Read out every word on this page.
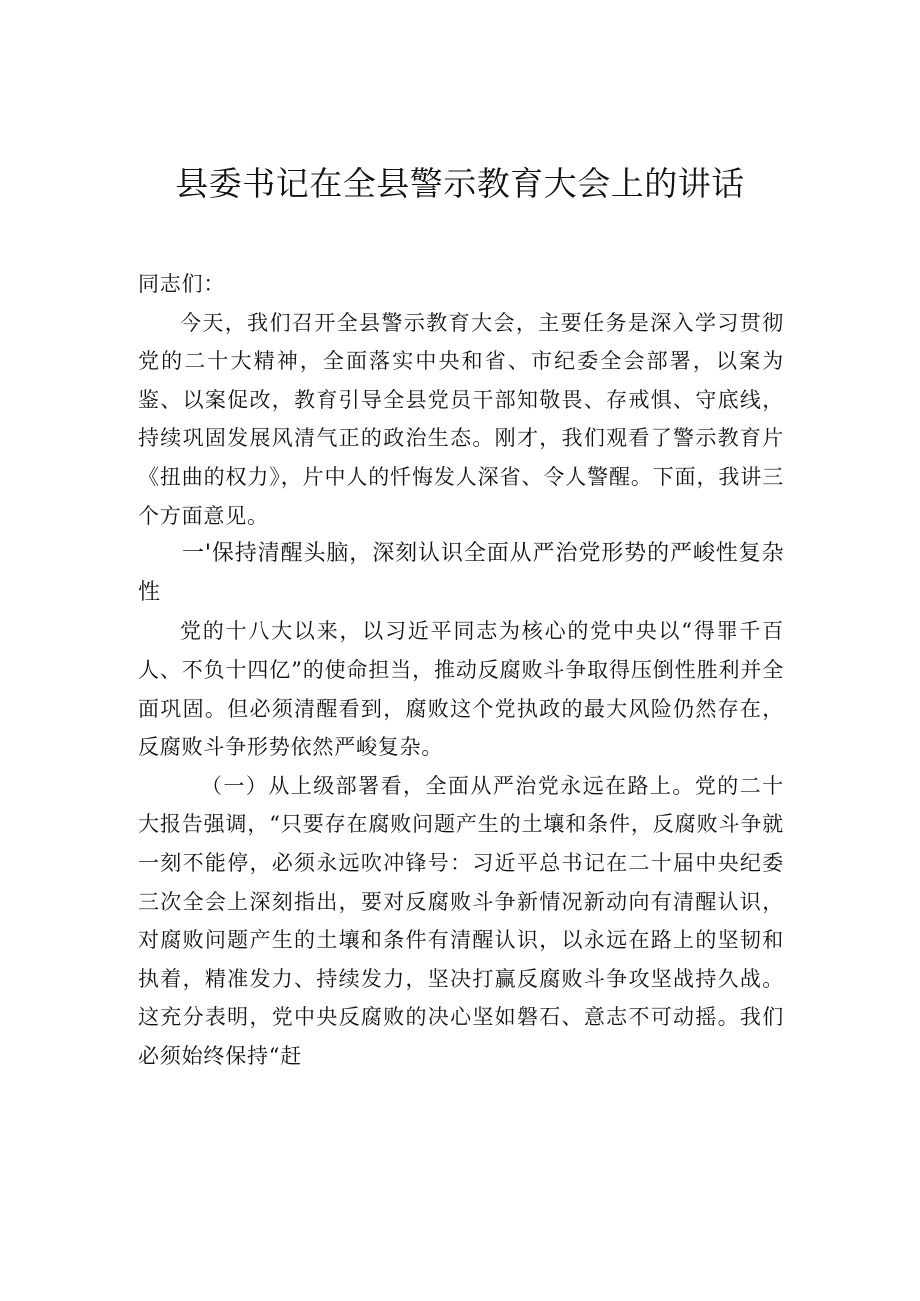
县委书记在全县警示教育大会上的讲话

同志们：

今天，我们召开全县警示教育大会，主要任务是深入学习贯彻党的二十大精神，全面落实中央和省、市纪委全会部署，以案为鉴、以案促改，教育引导全县党员干部知敬畏、存戒惧、守底线，持续巩固发展风清气正的政治生态。刚才，我们观看了警示教育片《扭曲的权力》，片中人的忏悔发人深省、令人警醒。下面，我讲三个方面意见。

一'保持清醒头脑，深刻认识全面从严治党形势的严峻性复杂性

党的十八大以来，以习近平同志为核心的党中央以“得罪千百人、不负十四亿”的使命担当，推动反腐败斗争取得压倒性胜利并全面巩固。但必须清醒看到，腐败这个党执政的最大风险仍然存在，反腐败斗争形势依然严峻复杂。

（一）从上级部署看，全面从严治党永远在路上。党的二十大报告强调，“只要存在腐败问题产生的土壤和条件，反腐败斗争就一刻不能停，必须永远吹冲锋号：习近平总书记在二十届中央纪委三次全会上深刻指出，要对反腐败斗争新情况新动向有清醒认识，对腐败问题产生的土壤和条件有清醒认识，以永远在路上的坚韧和执着，精准发力、持续发力，坚决打赢反腐败斗争攻坚战持久战。这充分表明，党中央反腐败的决心坚如磐石、意志不可动摇。我们必须始终保持“赶
